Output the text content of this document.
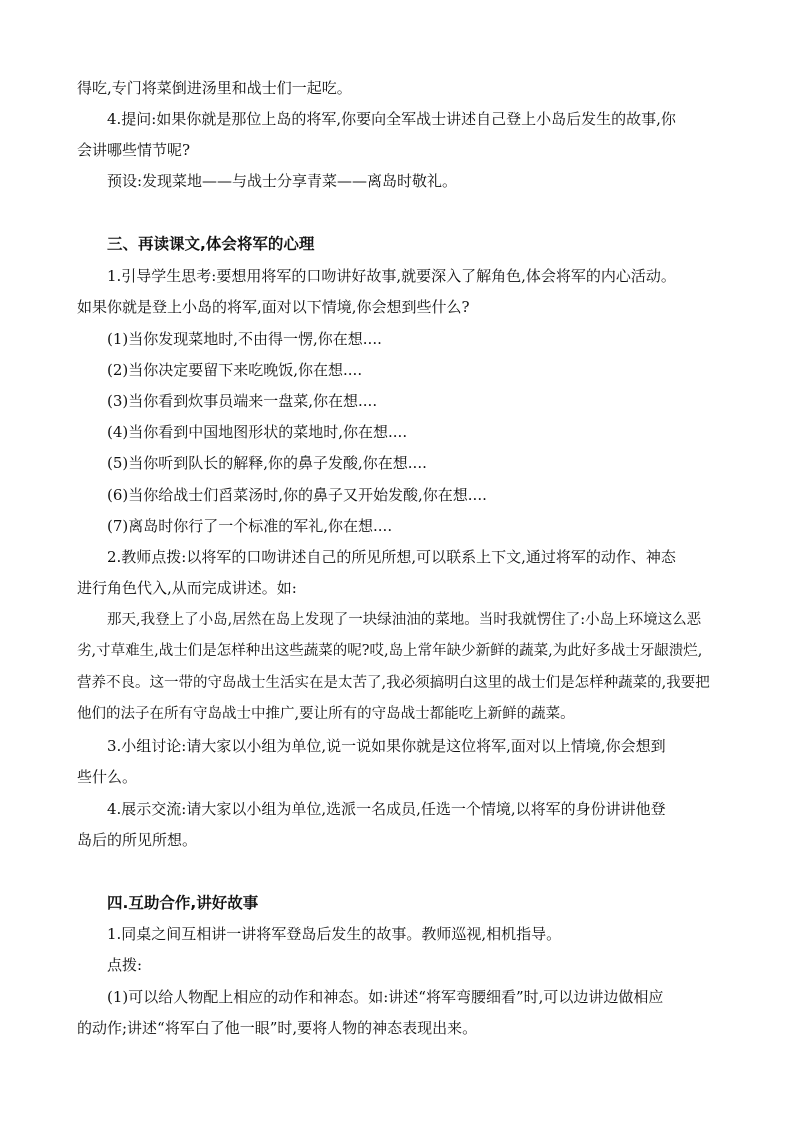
得吃,专门将菜倒进汤里和战士们一起吃。

4.提问:如果你就是那位上岛的将军,你要向全军战士讲述自己登上小岛后发生的故事,你

会讲哪些情节呢?

预设:发现菜地——与战士分享青菜——离岛时敬礼。

三、再读课文,体会将军的心理

1.引导学生思考:要想用将军的口吻讲好故事,就要深入了解角色,体会将军的内心活动。

如果你就是登上小岛的将军,面对以下情境,你会想到些什么?

(1)当你发现菜地时,不由得一愣,你在想....

(2)当你决定要留下来吃晚饭,你在想....

(3)当你看到炊事员端来一盘菜,你在想....

(4)当你看到中国地图形状的菜地时,你在想....

(5)当你听到队长的解释,你的鼻子发酸,你在想....

(6)当你给战士们舀菜汤时,你的鼻子又开始发酸,你在想....

(7)离岛时你行了一个标准的军礼,你在想....

2.教师点拨:以将军的口吻讲述自己的所见所想,可以联系上下文,通过将军的动作、神态

进行角色代入,从而完成讲述。如:

那天,我登上了小岛,居然在岛上发现了一块绿油油的菜地。当时我就愣住了:小岛上环境这么恶

劣,寸草难生,战士们是怎样种出这些蔬菜的呢?哎,岛上常年缺少新鲜的蔬菜,为此好多战士牙龈溃烂,

营养不良。这一带的守岛战士生活实在是太苦了,我必须搞明白这里的战士们是怎样种蔬菜的,我要把

他们的法子在所有守岛战士中推广,要让所有的守岛战士都能吃上新鲜的蔬菜。

3.小组讨论:请大家以小组为单位,说一说如果你就是这位将军,面对以上情境,你会想到

些什么。

4.展示交流:请大家以小组为单位,选派一名成员,任选一个情境,以将军的身份讲讲他登

岛后的所见所想。

四.互助合作,讲好故事

1.同桌之间互相讲一讲将军登岛后发生的故事。教师巡视,相机指导。

点拨:

(1)可以给人物配上相应的动作和神态。如:讲述“将军弯腰细看”时,可以边讲边做相应

的动作;讲述“将军白了他一眼”时,要将人物的神态表现出来。
